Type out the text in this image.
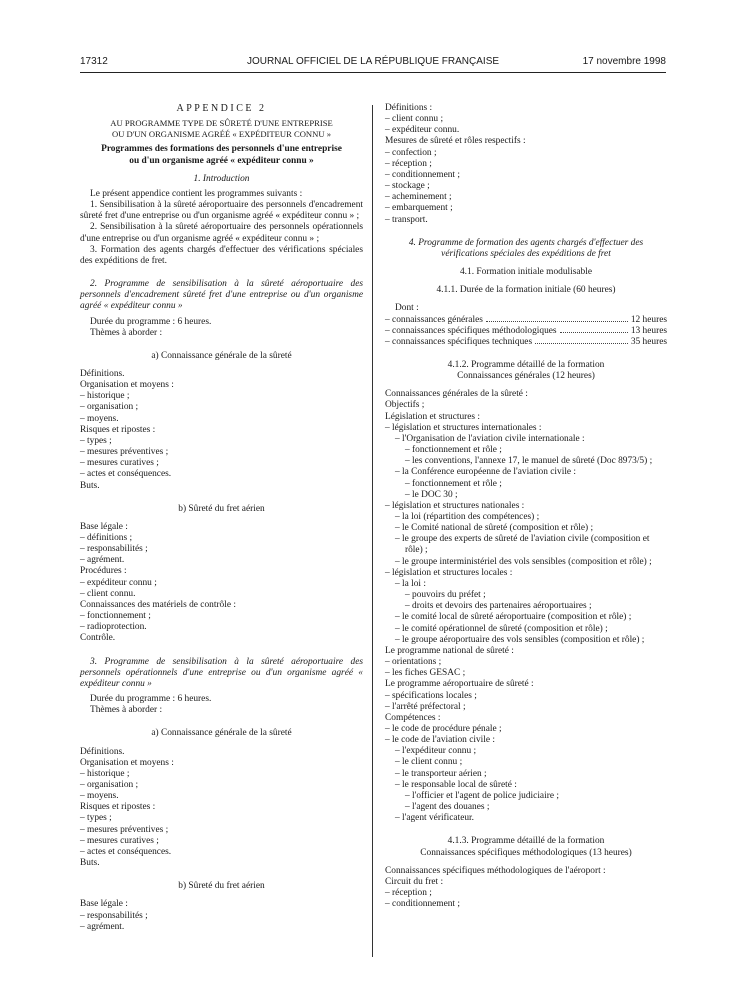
17312	JOURNAL OFFICIEL DE LA RÉPUBLIQUE FRANÇAISE	17 novembre 1998

APPENDICE 2

AU PROGRAMME TYPE DE SÛRETÉ D'UNE ENTREPRISE

OU D'UN ORGANISME AGRÉÉ « EXPÉDITEUR CONNU »

Programmes des formations des personnels d'une entreprise

ou d'un organisme agréé « expéditeur connu »

1. Introduction

Le présent appendice contient les programmes suivants :

1. Sensibilisation à la sûreté aéroportuaire des personnels d'encadrement sûreté fret d'une entreprise ou d'un organisme agréé « expéditeur connu » ;

2. Sensibilisation à la sûreté aéroportuaire des personnels opérationnels d'une entreprise ou d'un organisme agréé « expéditeur connu » ;

3. Formation des agents chargés d'effectuer des vérifications spéciales des expéditions de fret.

2. Programme de sensibilisation à la sûreté aéroportuaire des personnels d'encadrement sûreté fret d'une entreprise ou d'un organisme agréé « expéditeur connu »

Durée du programme : 6 heures.

Thèmes à aborder :

a) Connaissance générale de la sûreté

Définitions.

Organisation et moyens :

– historique ;

– organisation ;

– moyens.

Risques et ripostes :

– types ;

– mesures préventives ;

– mesures curatives ;

– actes et conséquences.

Buts.

b) Sûreté du fret aérien

Base légale :

– définitions ;

– responsabilités ;

– agrément.

Procédures :

– expéditeur connu ;

– client connu.

Connaissances des matériels de contrôle :

– fonctionnement ;

– radioprotection.

Contrôle.

3. Programme de sensibilisation à la sûreté aéroportuaire des personnels opérationnels d'une entreprise ou d'un organisme agréé « expéditeur connu »

Durée du programme : 6 heures.

Thèmes à aborder :

a) Connaissance générale de la sûreté

Définitions.

Organisation et moyens :

– historique ;

– organisation ;

– moyens.

Risques et ripostes :

– types ;

– mesures préventives ;

– mesures curatives ;

– actes et conséquences.

Buts.

b) Sûreté du fret aérien

Base légale :

– responsabilités ;

– agrément.

Définitions :

– client connu ;

– expéditeur connu.

Mesures de sûreté et rôles respectifs :

– confection ;

– réception ;

– conditionnement ;

– stockage ;

– acheminement ;

– embarquement ;

– transport.

4. Programme de formation des agents chargés d'effectuer des vérifications spéciales des expéditions de fret

4.1. Formation initiale modulisable

4.1.1. Durée de la formation initiale (60 heures)

Dont :

– connaissances générales	12 heures
– connaissances spécifiques méthodologiques	13 heures
– connaissances spécifiques techniques	35 heures

4.1.2. Programme détaillé de la formation

Connaissances générales (12 heures)

Connaissances générales de la sûreté :

Objectifs ;

Législation et structures :

– législation et structures internationales :

– l'Organisation de l'aviation civile internationale :

– fonctionnement et rôle ;

– les conventions, l'annexe 17, le manuel de sûreté (Doc 8973/5) ;

– la Conférence européenne de l'aviation civile :

– fonctionnement et rôle ;

– le DOC 30 ;

– législation et structures nationales :

– la loi (répartition des compétences) ;

– le Comité national de sûreté (composition et rôle) ;

– le groupe des experts de sûreté de l'aviation civile (composition et rôle) ;

– le groupe interministériel des vols sensibles (composition et rôle) ;

– législation et structures locales :

– la loi :

– pouvoirs du préfet ;

– droits et devoirs des partenaires aéroportuaires ;

– le comité local de sûreté aéroportuaire (composition et rôle) ;

– le comité opérationnel de sûreté (composition et rôle) ;

– le groupe aéroportuaire des vols sensibles (composition et rôle) ;

Le programme national de sûreté :

– orientations ;

– les fiches GESAC ;

Le programme aéroportuaire de sûreté :

– spécifications locales ;

– l'arrêté préfectoral ;

Compétences :

– le code de procédure pénale ;

– le code de l'aviation civile :

– l'expéditeur connu ;

– le client connu ;

– le transporteur aérien ;

– le responsable local de sûreté :

– l'officier et l'agent de police judiciaire ;

– l'agent des douanes ;

– l'agent vérificateur.

4.1.3. Programme détaillé de la formation

Connaissances spécifiques méthodologiques (13 heures)

Connaissances spécifiques méthodologiques de l'aéroport :

Circuit du fret :

– réception ;

– conditionnement ;
